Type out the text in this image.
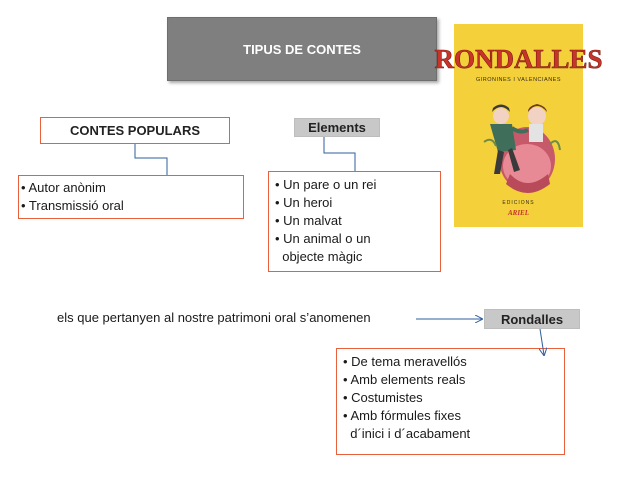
TIPUS DE CONTES
CONTES POPULARS	Elements
• Autor anònim
• Transmissió oral
• Un pare o un rei
• Un heroi
• Un malvat
• Un animal o un
objecte màgic
els que pertanyen al nostre patrimoni oral s’anomenen	Rondalles
• De tema meravellós
• Amb elements reals
• Costumistes
• Amb fórmules fixes
d´inici i d´acabament
RONDALLES
GIRONINES I VALENCIANES
EDICIONS
ARIEL
